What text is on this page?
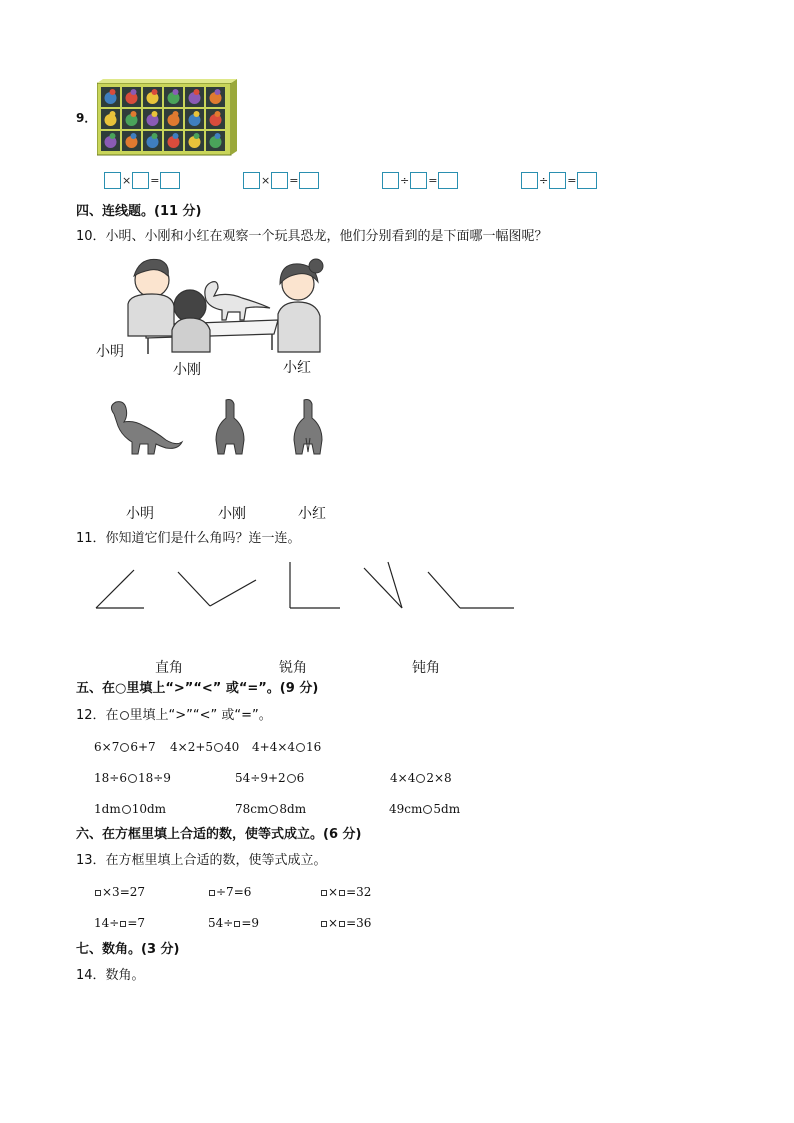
9．
× =	× =	÷ =	÷ =
四、连线题。(11 分)
10．小明、小刚和小红在观察一个玩具恐龙，他们分别看到的是下面哪一幅图呢？
小明
小刚	小红
小明	小刚	小红
11．你知道它们是什么角吗？连一连。
直角	锐角	钝角
五、在○里填上“>”“<” 或“=”。(9 分)
12．在 里填上“>”“<” 或“=”。
6×7 6+7 4×2+5 40 4+4×4 16
18÷6 18÷9	54÷9+2 6	4×4 2×8
1dm 10dm	78cm 8dm	49cm 5dm
六、在方框里填上合适的数，使等式成立。(6 分)
13．在方框里填上合适的数，使等式成立。
×3=27	÷7=6	× =32
14÷ =7	54÷ =9	× =36
七、数角。(3 分)
14．数角。
